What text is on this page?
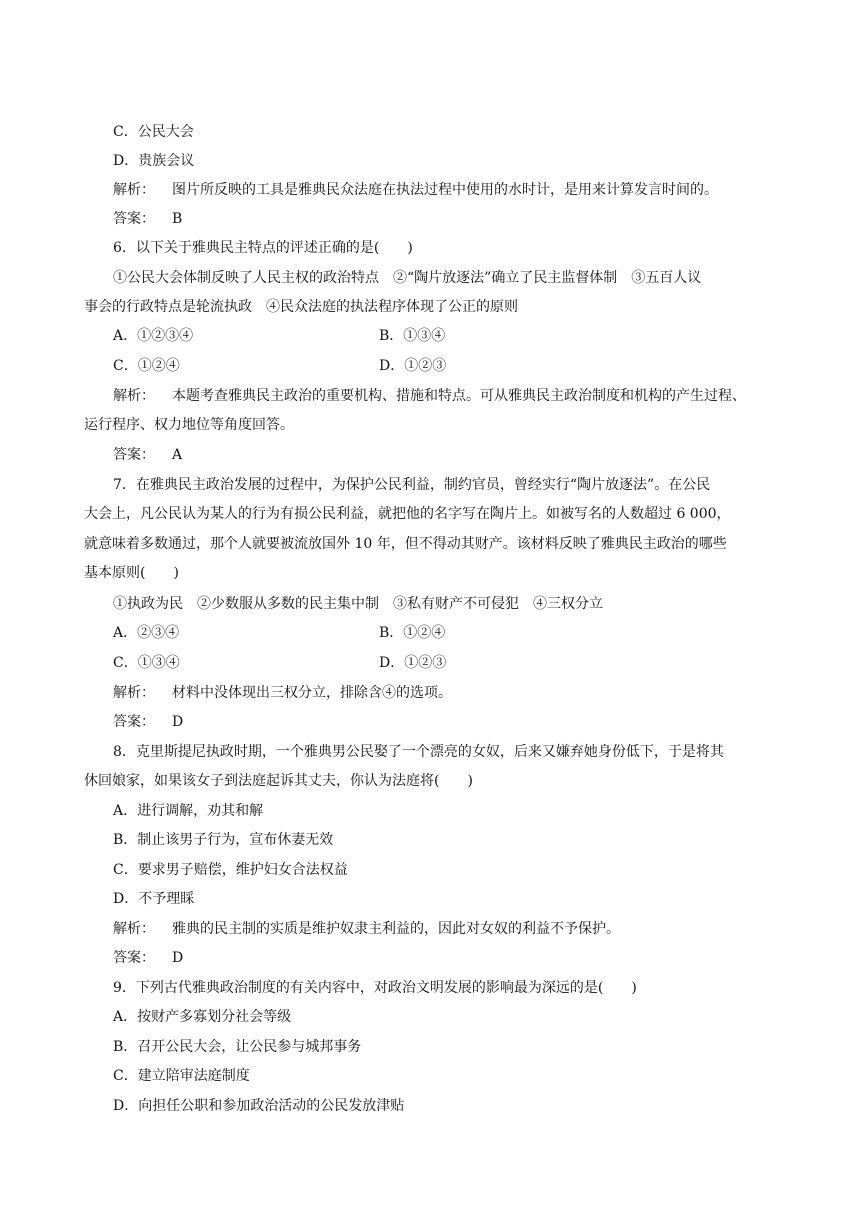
C．公民大会
D．贵族会议
解析： 图片所反映的工具是雅典民众法庭在执法过程中使用的水时计，是用来计算发言时间的。
答案： B
6．以下关于雅典民主特点的评述正确的是(　　)
①公民大会体制反映了人民主权的政治特点　②“陶片放逐法”确立了民主监督体制　③五百人议
事会的行政特点是轮流执政　④民众法庭的执法程序体现了公正的原则
A．①②③④	B．①③④
C．①②④	D．①②③
解析： 本题考查雅典民主政治的重要机构、措施和特点。可从雅典民主政治制度和机构的产生过程、
运行程序、权力地位等角度回答。
答案： A
7．在雅典民主政治发展的过程中，为保护公民利益，制约官员，曾经实行“陶片放逐法”。在公民
大会上，凡公民认为某人的行为有损公民利益，就把他的名字写在陶片上。如被写名的人数超过 6 000，
就意味着多数通过，那个人就要被流放国外 10 年，但不得动其财产。该材料反映了雅典民主政治的哪些
基本原则(　　)
①执政为民　②少数服从多数的民主集中制　③私有财产不可侵犯　④三权分立
A．②③④	B．①②④
C．①③④	D．①②③
解析： 材料中没体现出三权分立，排除含④的选项。
答案： D
8．克里斯提尼执政时期，一个雅典男公民娶了一个漂亮的女奴，后来又嫌弃她身份低下，于是将其
休回娘家，如果该女子到法庭起诉其丈夫，你认为法庭将(　　)
A．进行调解，劝其和解
B．制止该男子行为，宣布休妻无效
C．要求男子赔偿，维护妇女合法权益
D．不予理睬
解析： 雅典的民主制的实质是维护奴隶主利益的，因此对女奴的利益不予保护。
答案： D
9．下列古代雅典政治制度的有关内容中，对政治文明发展的影响最为深远的是(　　)
A．按财产多寡划分社会等级
B．召开公民大会，让公民参与城邦事务
C．建立陪审法庭制度
D．向担任公职和参加政治活动的公民发放津贴
